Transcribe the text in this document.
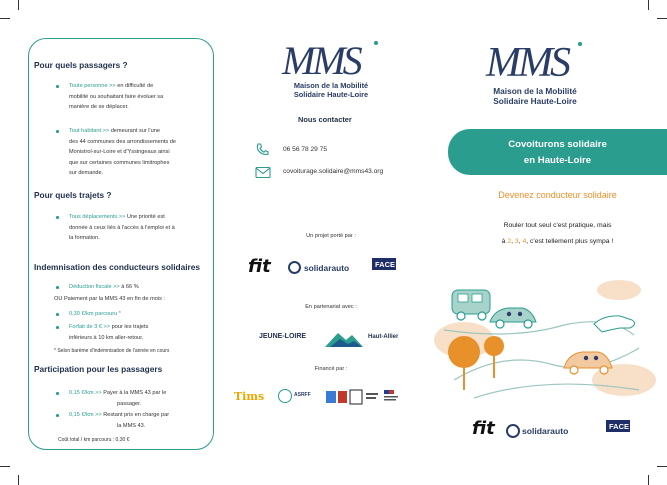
Pour quels passagers ?
Toute personne >> en difficulté de
mobilité ou souhaitant faire évoluer sa
manière de se déplacer.
Tout habitant >> demeurant sur l'une
des 44 communes des arrondissements de
Monistrol-sur-Loire et d'Yssingeaux ainsi
que sur certaines communes limitrophes
sur demande.
Pour quels trajets ?
Tous déplacements >> Une priorité est
donnée à ceux liés à l'accès à l'emploi et à
la formation.
Indemnisation des conducteurs solidaires
Déduction fiscale >> à 66 %
OU Paiement par la MMS 43 en fin de mois :
0,30 €/km parcouru *
Forfait de 3 € >> pour les trajets
inférieurs à 10 km aller-retour.
* Selon barème d'indemnisation de l'année en cours
Participation pour les passagers
0,15 €/km >> Payer à la MMS 43 par le
passager.
0,15 €/km >> Restant pris en charge par
la MMS 43.
Coût total / km parcouru : 0,30 €
MMS
Maison de la Mobilité
Solidaire Haute-Loire
Nous contacter
06 56 78 29 75
covoiturage.solidaire@mms43.org
Un projet porté par :
fit	solidarauto	FACE
En partenariat avec :
JEUNE-LOIRE	Haut-Allier
Financé par :
Tims	ASRFF
MMS
Maison de la Mobilité
Solidaire Haute-Loire
Covoiturons solidaire
en Haute-Loire
Devenez conducteur solidaire
Rouler tout seul c'est pratique, mais
à 2, 3, 4, c'est tellement plus sympa !
fit	solidarauto	FACE
